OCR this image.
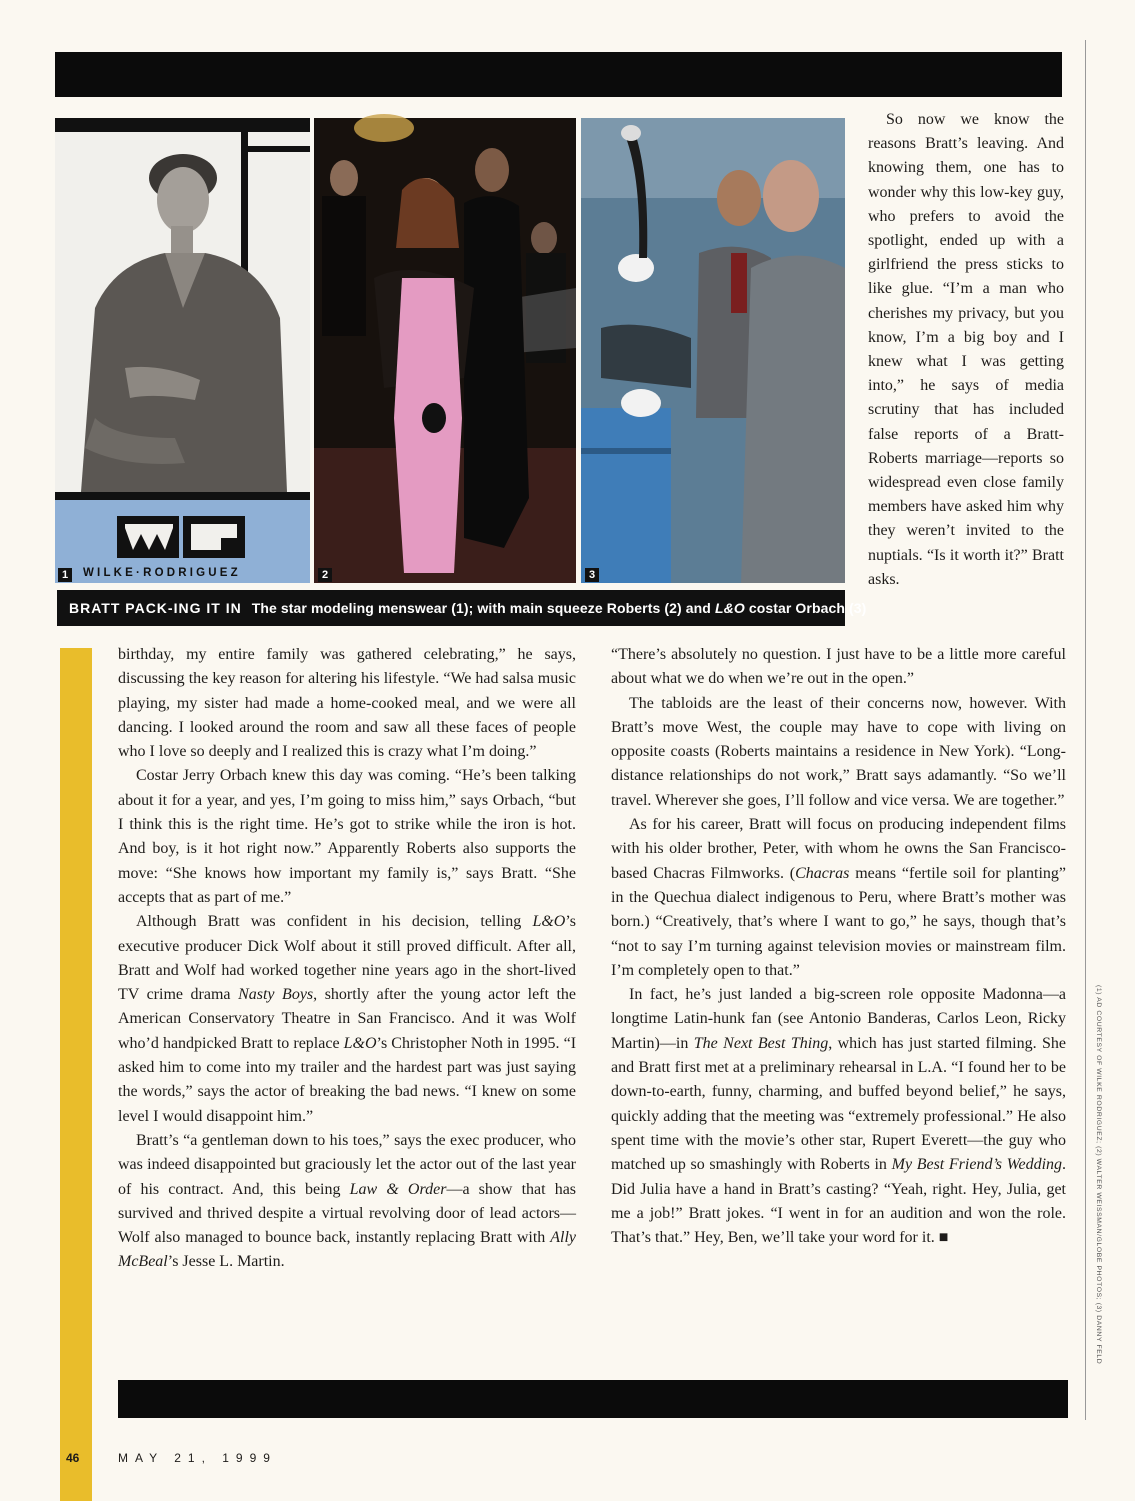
1	WILKE·RODRIGUEZ	2	3
BRATT PACK-ING IT IN The star modeling menswear (1); with main squeeze Roberts (2) and L&O costar Orbach (3)

So now we know the reasons Bratt’s leaving. And knowing them, one has to wonder why this low-key guy, who prefers to avoid the spotlight, ended up with a girlfriend the press sticks to like glue. “I’m a man who cherishes my privacy, but you know, I’m a big boy and I knew what I was getting into,” he says of media scrutiny that has included false reports of a Bratt-Roberts marriage—reports so widespread even close family members have asked him why they weren’t invited to the nuptials. “Is it worth it?” Bratt asks.

birthday, my entire family was gathered celebrating,” he says, discussing the key reason for altering his lifestyle. “We had salsa music playing, my sister had made a home-cooked meal, and we were all dancing. I looked around the room and saw all these faces of people who I love so deeply and I realized this is crazy what I’m doing.”

Costar Jerry Orbach knew this day was coming. “He’s been talking about it for a year, and yes, I’m going to miss him,” says Orbach, “but I think this is the right time. He’s got to strike while the iron is hot. And boy, is it hot right now.” Apparently Roberts also supports the move: “She knows how important my family is,” says Bratt. “She accepts that as part of me.”

Although Bratt was confident in his decision, telling L&O’s executive producer Dick Wolf about it still proved difficult. After all, Bratt and Wolf had worked together nine years ago in the short-lived TV crime drama Nasty Boys, shortly after the young actor left the American Conservatory Theatre in San Francisco. And it was Wolf who’d handpicked Bratt to replace L&O’s Christopher Noth in 1995. “I asked him to come into my trailer and the hardest part was just saying the words,” says the actor of breaking the bad news. “I knew on some level I would disappoint him.”

Bratt’s “a gentleman down to his toes,” says the exec producer, who was indeed disappointed but graciously let the actor out of the last year of his contract. And, this being Law & Order—a show that has survived and thrived despite a virtual revolving door of lead actors—Wolf also managed to bounce back, instantly replacing Bratt with Ally McBeal’s Jesse L. Martin.

“There’s absolutely no question. I just have to be a little more careful about what we do when we’re out in the open.”

The tabloids are the least of their concerns now, however. With Bratt’s move West, the couple may have to cope with living on opposite coasts (Roberts maintains a residence in New York). “Long-distance relationships do not work,” Bratt says adamantly. “So we’ll travel. Wherever she goes, I’ll follow and vice versa. We are together.”

As for his career, Bratt will focus on producing independent films with his older brother, Peter, with whom he owns the San Francisco-based Chacras Filmworks. (Chacras means “fertile soil for planting” in the Quechua dialect indigenous to Peru, where Bratt’s mother was born.) “Creatively, that’s where I want to go,” he says, though that’s “not to say I’m turning against television movies or mainstream film. I’m completely open to that.”

In fact, he’s just landed a big-screen role opposite Madonna—a longtime Latin-hunk fan (see Antonio Banderas, Carlos Leon, Ricky Martin)—in The Next Best Thing, which has just started filming. She and Bratt first met at a preliminary rehearsal in L.A. “I found her to be down-to-earth, funny, charming, and buffed beyond belief,” he says, quickly adding that the meeting was “extremely professional.” He also spent time with the movie’s other star, Rupert Everett—the guy who matched up so smashingly with Roberts in My Best Friend’s Wedding. Did Julia have a hand in Bratt’s casting? “Yeah, right. Hey, Julia, get me a job!” Bratt jokes. “I went in for an audition and won the role. That’s that.” Hey, Ben, we’ll take your word for it. ■

46	MAY 21, 1999
(1) AD COURTESY OF WILKE RODRIGUEZ; (2) WALTER WEISSMAN/GLOBE PHOTOS; (3) DANNY FELD
